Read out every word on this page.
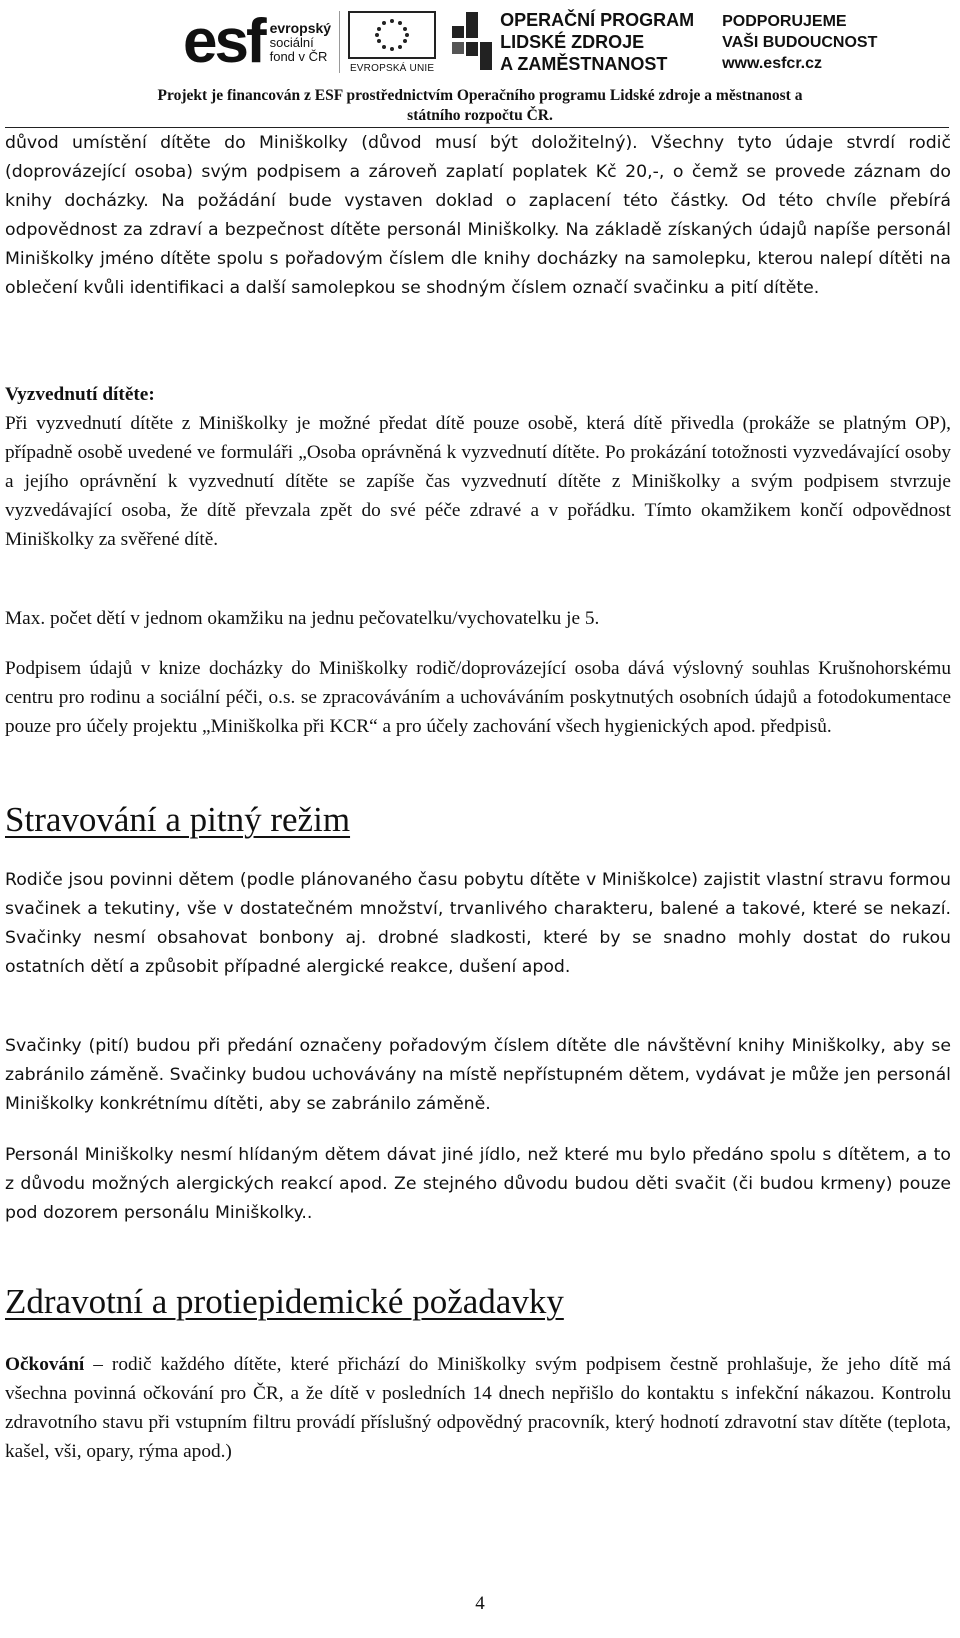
esf evropský
sociální
fond v ČR
EVROPSKÁ UNIE
OPERAČNÍ PROGRAM
LIDSKÉ ZDROJE
A ZAMĚSTNANOST
PODPORUJEME
VAŠI BUDOUCNOST
www.esfcr.cz
Projekt je financován z ESF prostřednictvím Operačního programu Lidské zdroje a městnanost a
státního rozpočtu ČR.

důvod umístění dítěte do Miniškolky (důvod musí být doložitelný). Všechny tyto údaje stvrdí rodič (doprovázející osoba) svým podpisem a zároveň zaplatí poplatek Kč 20,-, o čemž se provede záznam do knihy docházky. Na požádání bude vystaven doklad o zaplacení této částky. Od této chvíle přebírá odpovědnost za zdraví a bezpečnost dítěte personál Miniškolky. Na základě získaných údajů napíše personál Miniškolky jméno dítěte spolu s pořadovým číslem dle knihy docházky na samolepku, kterou nalepí dítěti na oblečení kvůli identifikaci a další samolepkou se shodným číslem označí svačinku a pití dítěte.

Vyzvednutí dítěte:

Při vyzvednutí dítěte z Miniškolky je možné předat dítě pouze osobě, která dítě přivedla (prokáže se platným OP), případně osobě uvedené ve formuláři „Osoba oprávněná k vyzvednutí dítěte. Po prokázání totožnosti vyzvedávající osoby a jejího oprávnění k vyzvednutí dítěte se zapíše čas vyzvednutí dítěte z Miniškolky a svým podpisem stvrzuje vyzvedávající osoba, že dítě převzala zpět do své péče zdravé a v pořádku. Tímto okamžikem končí odpovědnost Miniškolky za svěřené dítě.

Max. počet dětí v jednom okamžiku na jednu pečovatelku/vychovatelku je 5.

Podpisem údajů v knize docházky do Miniškolky rodič/doprovázející osoba dává výslovný souhlas Krušnohorskému centru pro rodinu a sociální péči, o.s. se zpracováváním a uchováváním poskytnutých osobních údajů a fotodokumentace pouze pro účely projektu „Miniškolka při KCR“ a pro účely zachování všech hygienických apod. předpisů.

Stravování a pitný režim

Rodiče jsou povinni dětem (podle plánovaného času pobytu dítěte v Miniškolce) zajistit vlastní stravu formou svačinek a tekutiny, vše v dostatečném množství, trvanlivého charakteru, balené a takové, které se nekazí. Svačinky nesmí obsahovat bonbony aj. drobné sladkosti, které by se snadno mohly dostat do rukou ostatních dětí a způsobit případné alergické reakce, dušení apod.

Svačinky (pití) budou při předání označeny pořadovým číslem dítěte dle návštěvní knihy Miniškolky, aby se zabránilo záměně. Svačinky budou uchovávány na místě nepřístupném dětem, vydávat je může jen personál Miniškolky konkrétnímu dítěti, aby se zabránilo záměně.

Personál Miniškolky nesmí hlídaným dětem dávat jiné jídlo, než které mu bylo předáno spolu s dítětem, a to z důvodu možných alergických reakcí apod. Ze stejného důvodu budou děti svačit (či budou krmeny) pouze pod dozorem personálu Miniškolky..

Zdravotní a protiepidemické požadavky

Očkování – rodič každého dítěte, které přichází do Miniškolky svým podpisem čestně prohlašuje, že jeho dítě má všechna povinná očkování pro ČR, a že dítě v posledních 14 dnech nepřišlo do kontaktu s infekční nákazou. Kontrolu zdravotního stavu při vstupním filtru provádí příslušný odpovědný pracovník, který hodnotí zdravotní stav dítěte (teplota, kašel, vši, opary, rýma apod.)

4
